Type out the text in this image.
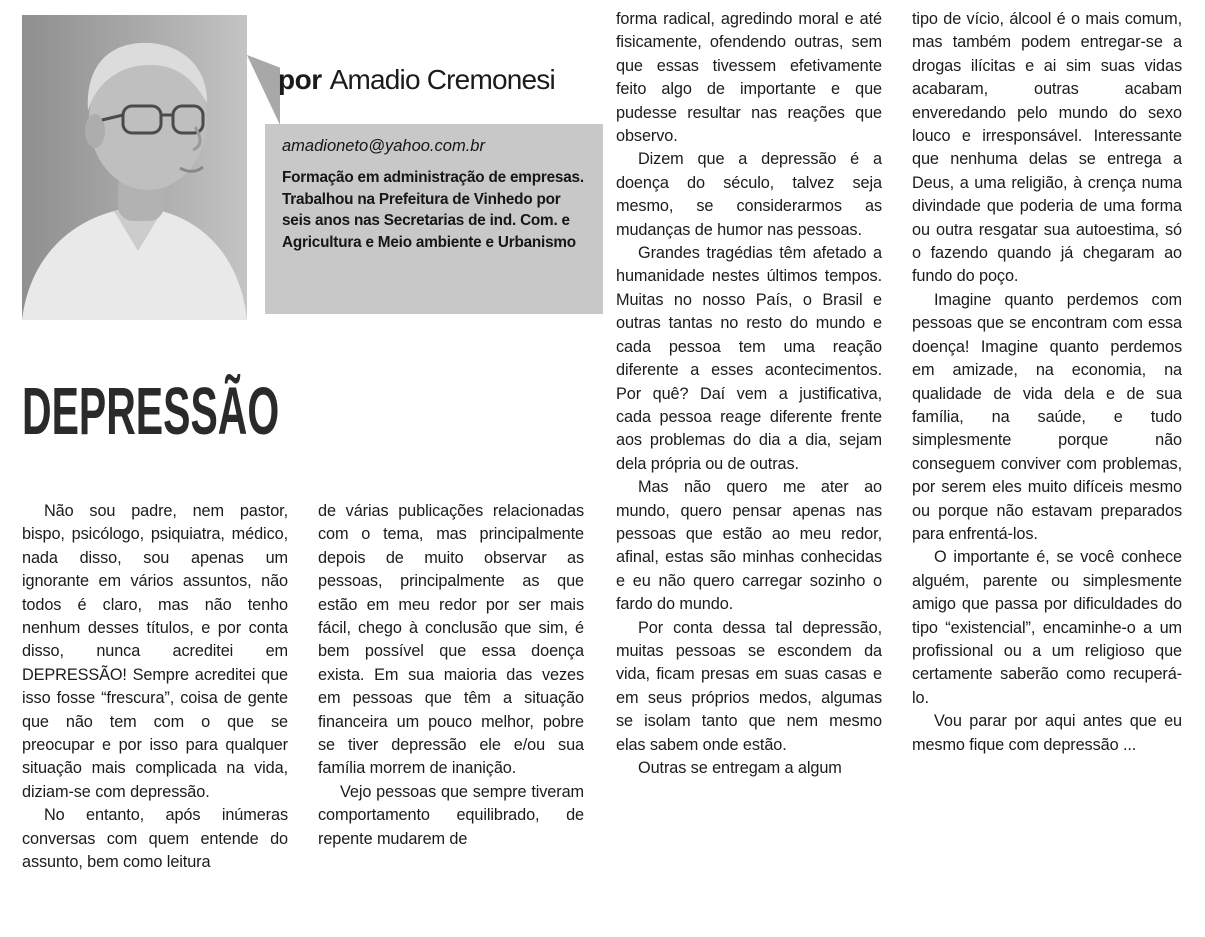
por Amadio Cremonesi
amadioneto@yahoo.com.br
Formação em administração de empresas. Trabalhou na Prefeitura de Vinhedo por seis anos nas Secretarias de ind. Com. e Agricultura e Meio ambiente e Urbanismo
DEPRESSÃO

Não sou padre, nem pastor, bispo, psicólogo, psiquiatra, médico, nada disso, sou apenas um ignorante em vários assuntos, não todos é claro, mas não tenho nenhum desses títulos, e por conta disso, nunca acreditei em DEPRESSÃO! Sempre acreditei que isso fosse “frescura”, coisa de gente que não tem com o que se preocupar e por isso para qualquer situação mais complicada na vida, diziam-se com depressão.

No entanto, após inúmeras conversas com quem entende do assunto, bem como leitura

de várias publicações relacionadas com o tema, mas principalmente depois de muito observar as pessoas, principalmente as que estão em meu redor por ser mais fácil, chego à conclusão que sim, é bem possível que essa doença exista. Em sua maioria das vezes em pessoas que têm a situação financeira um pouco melhor, pobre se tiver depressão ele e/ou sua família morrem de inanição.

Vejo pessoas que sempre tiveram comportamento equilibrado, de repente mudarem de

forma radical, agredindo moral e até fisicamente, ofendendo outras, sem que essas tivessem efetivamente feito algo de importante e que pudesse resultar nas reações que observo.

Dizem que a depressão é a doença do século, talvez seja mesmo, se considerarmos as mudanças de humor nas pessoas.

Grandes tragédias têm afetado a humanidade nestes últimos tempos. Muitas no nosso País, o Brasil e outras tantas no resto do mundo e cada pessoa tem uma reação diferente a esses acontecimentos. Por quê? Daí vem a justificativa, cada pessoa reage diferente frente aos problemas do dia a dia, sejam dela própria ou de outras.

Mas não quero me ater ao mundo, quero pensar apenas nas pessoas que estão ao meu redor, afinal, estas são minhas conhecidas e eu não quero carregar sozinho o fardo do mundo.

Por conta dessa tal depressão, muitas pessoas se escondem da vida, ficam presas em suas casas e em seus próprios medos, algumas se isolam tanto que nem mesmo elas sabem onde estão.

Outras se entregam a algum

tipo de vício, álcool é o mais comum, mas também podem entregar-se a drogas ilícitas e ai sim suas vidas acabaram, outras acabam enveredando pelo mundo do sexo louco e irresponsável. Interessante que nenhuma delas se entrega a Deus, a uma religião, à crença numa divindade que poderia de uma forma ou outra resgatar sua autoestima, só o fazendo quando já chegaram ao fundo do poço.

Imagine quanto perdemos com pessoas que se encontram com essa doença! Imagine quanto perdemos em amizade, na economia, na qualidade de vida dela e de sua família, na saúde, e tudo simplesmente porque não conseguem conviver com problemas, por serem eles muito difíceis mesmo ou porque não estavam preparados para enfrentá-los.

O importante é, se você conhece alguém, parente ou simplesmente amigo que passa por dificuldades do tipo “existencial”, encaminhe-o a um profissional ou a um religioso que certamente saberão como recuperá-lo.

Vou parar por aqui antes que eu mesmo fique com depressão ...
